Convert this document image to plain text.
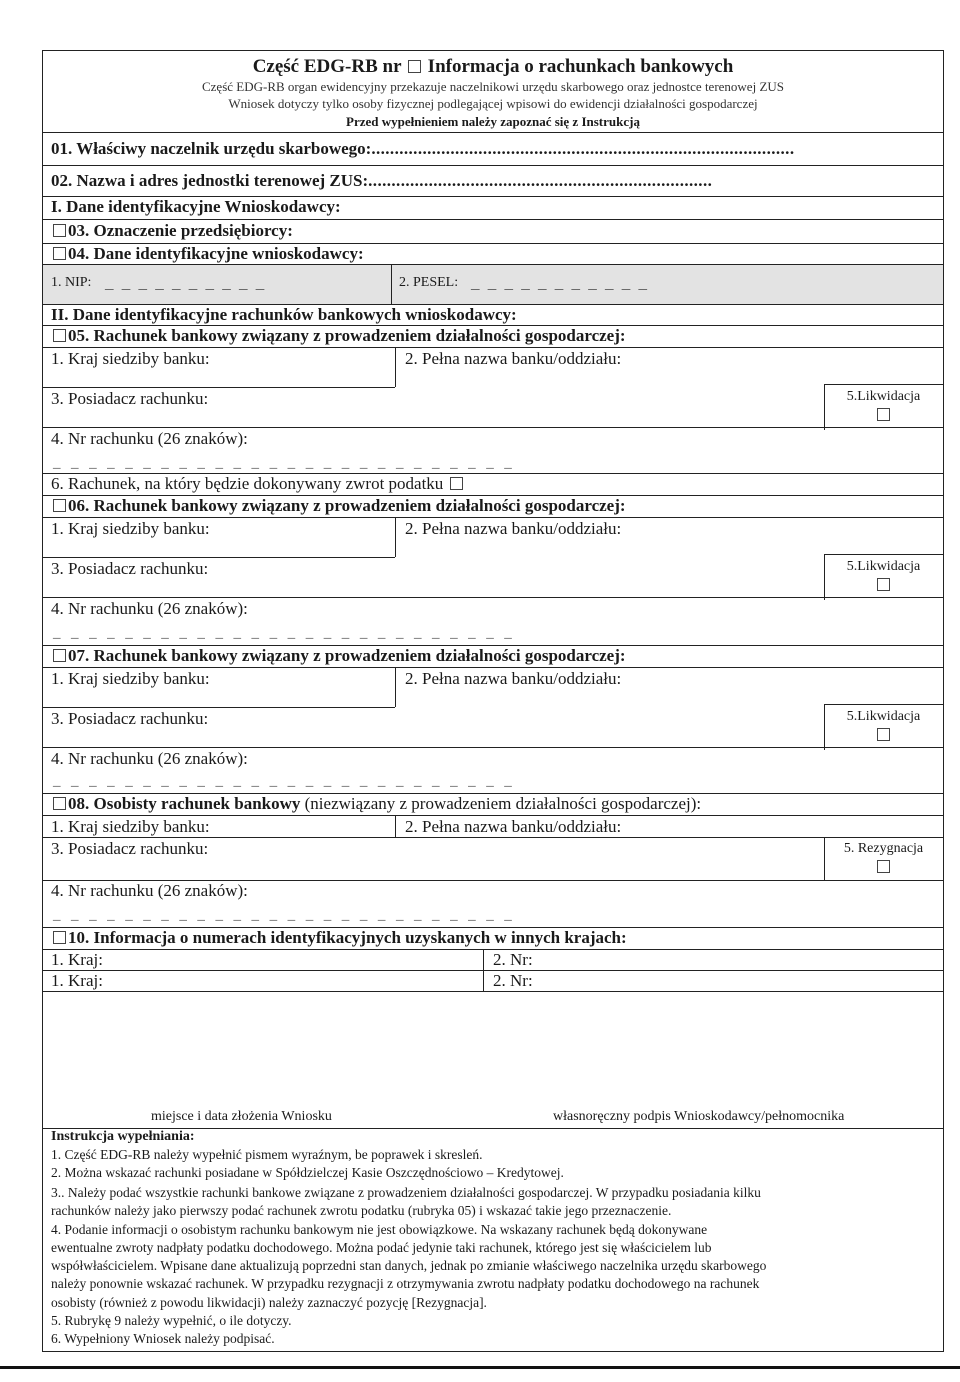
Część EDG-RB nr Informacja o rachunkach bankowych
Część EDG-RB organ ewidencyjny przekazuje naczelnikowi urzędu skarbowego oraz jednostce terenowej ZUS
Wniosek dotyczy tylko osoby fizycznej podlegającej wpisowi do ewidencji działalności gospodarczej
Przed wypełnieniem należy zapoznać się z Instrukcją
01. Właściwy naczelnik urzędu skarbowego:...........................................................................................
02. Nazwa i adres jednostki terenowej ZUS:..........................................................................
I. Dane identyfikacyjne Wnioskodawcy:
03. Oznaczenie przedsiębiorcy:
04. Dane identyfikacyjne wnioskodawcy:
1. NIP: _ _ _ _ _ _ _ _ _ _	2. PESEL: _ _ _ _ _ _ _ _ _ _ _
II. Dane identyfikacyjne rachunków bankowych wnioskodawcy:
05. Rachunek bankowy związany z prowadzeniem działalności gospodarczej:
1. Kraj siedziby banku:	2. Pełna nazwa banku/oddziału:
3. Posiadacz rachunku:	5.Likwidacja
4. Nr rachunku (26 znaków):
_ _ _ _ _ _ _ _ _ _ _ _ _ _ _ _ _ _ _ _ _ _ _ _ _ _
6. Rachunek, na który będzie dokonywany zwrot podatku
06. Rachunek bankowy związany z prowadzeniem działalności gospodarczej:
1. Kraj siedziby banku:	2. Pełna nazwa banku/oddziału:
3. Posiadacz rachunku:	5.Likwidacja
4. Nr rachunku (26 znaków):
_ _ _ _ _ _ _ _ _ _ _ _ _ _ _ _ _ _ _ _ _ _ _ _ _ _
07. Rachunek bankowy związany z prowadzeniem działalności gospodarczej:
1. Kraj siedziby banku:	2. Pełna nazwa banku/oddziału:
3. Posiadacz rachunku:	5.Likwidacja
4. Nr rachunku (26 znaków):
_ _ _ _ _ _ _ _ _ _ _ _ _ _ _ _ _ _ _ _ _ _ _ _ _ _
08. Osobisty rachunek bankowy (niezwiązany z prowadzeniem działalności gospodarczej):
1. Kraj siedziby banku:	2. Pełna nazwa banku/oddziału:
3. Posiadacz rachunku:	5. Rezygnacja
4. Nr rachunku (26 znaków):
_ _ _ _ _ _ _ _ _ _ _ _ _ _ _ _ _ _ _ _ _ _ _ _ _ _
10. Informacja o numerach identyfikacyjnych uzyskanych w innych krajach:
1. Kraj:	2. Nr:
1. Kraj:	2. Nr:
miejsce i data złożenia Wniosku	własnoręczny podpis Wnioskodawcy/pełnomocnika
Instrukcja wypełniania:
1. Część EDG-RB należy wypełnić pismem wyraźnym, be poprawek i skresleń.
2. Można wskazać rachunki posiadane w Spółdzielczej Kasie Oszczędnościowo – Kredytowej.
3.. Należy podać wszystkie rachunki bankowe związane z prowadzeniem działalności gospodarczej. W przypadku posiadania kilku
rachunków należy jako pierwszy podać rachunek zwrotu podatku (rubryka 05) i wskazać takie jego przeznaczenie.
4. Podanie informacji o osobistym rachunku bankowym nie jest obowiązkowe. Na wskazany rachunek będą dokonywane
ewentualne zwroty nadpłaty podatku dochodowego. Można podać jedynie taki rachunek, którego jest się właścicielem lub
współwłaścicielem. Wpisane dane aktualizują poprzedni stan danych, jednak po zmianie właściwego naczelnika urzędu skarbowego
należy ponownie wskazać rachunek. W przypadku rezygnacji z otrzymywania zwrotu nadpłaty podatku dochodowego na rachunek
osobisty (również z powodu likwidacji) należy zaznaczyć pozycję [Rezygnacja].
5. Rubrykę 9 należy wypełnić, o ile dotyczy.
6. Wypełniony Wniosek należy podpisać.
